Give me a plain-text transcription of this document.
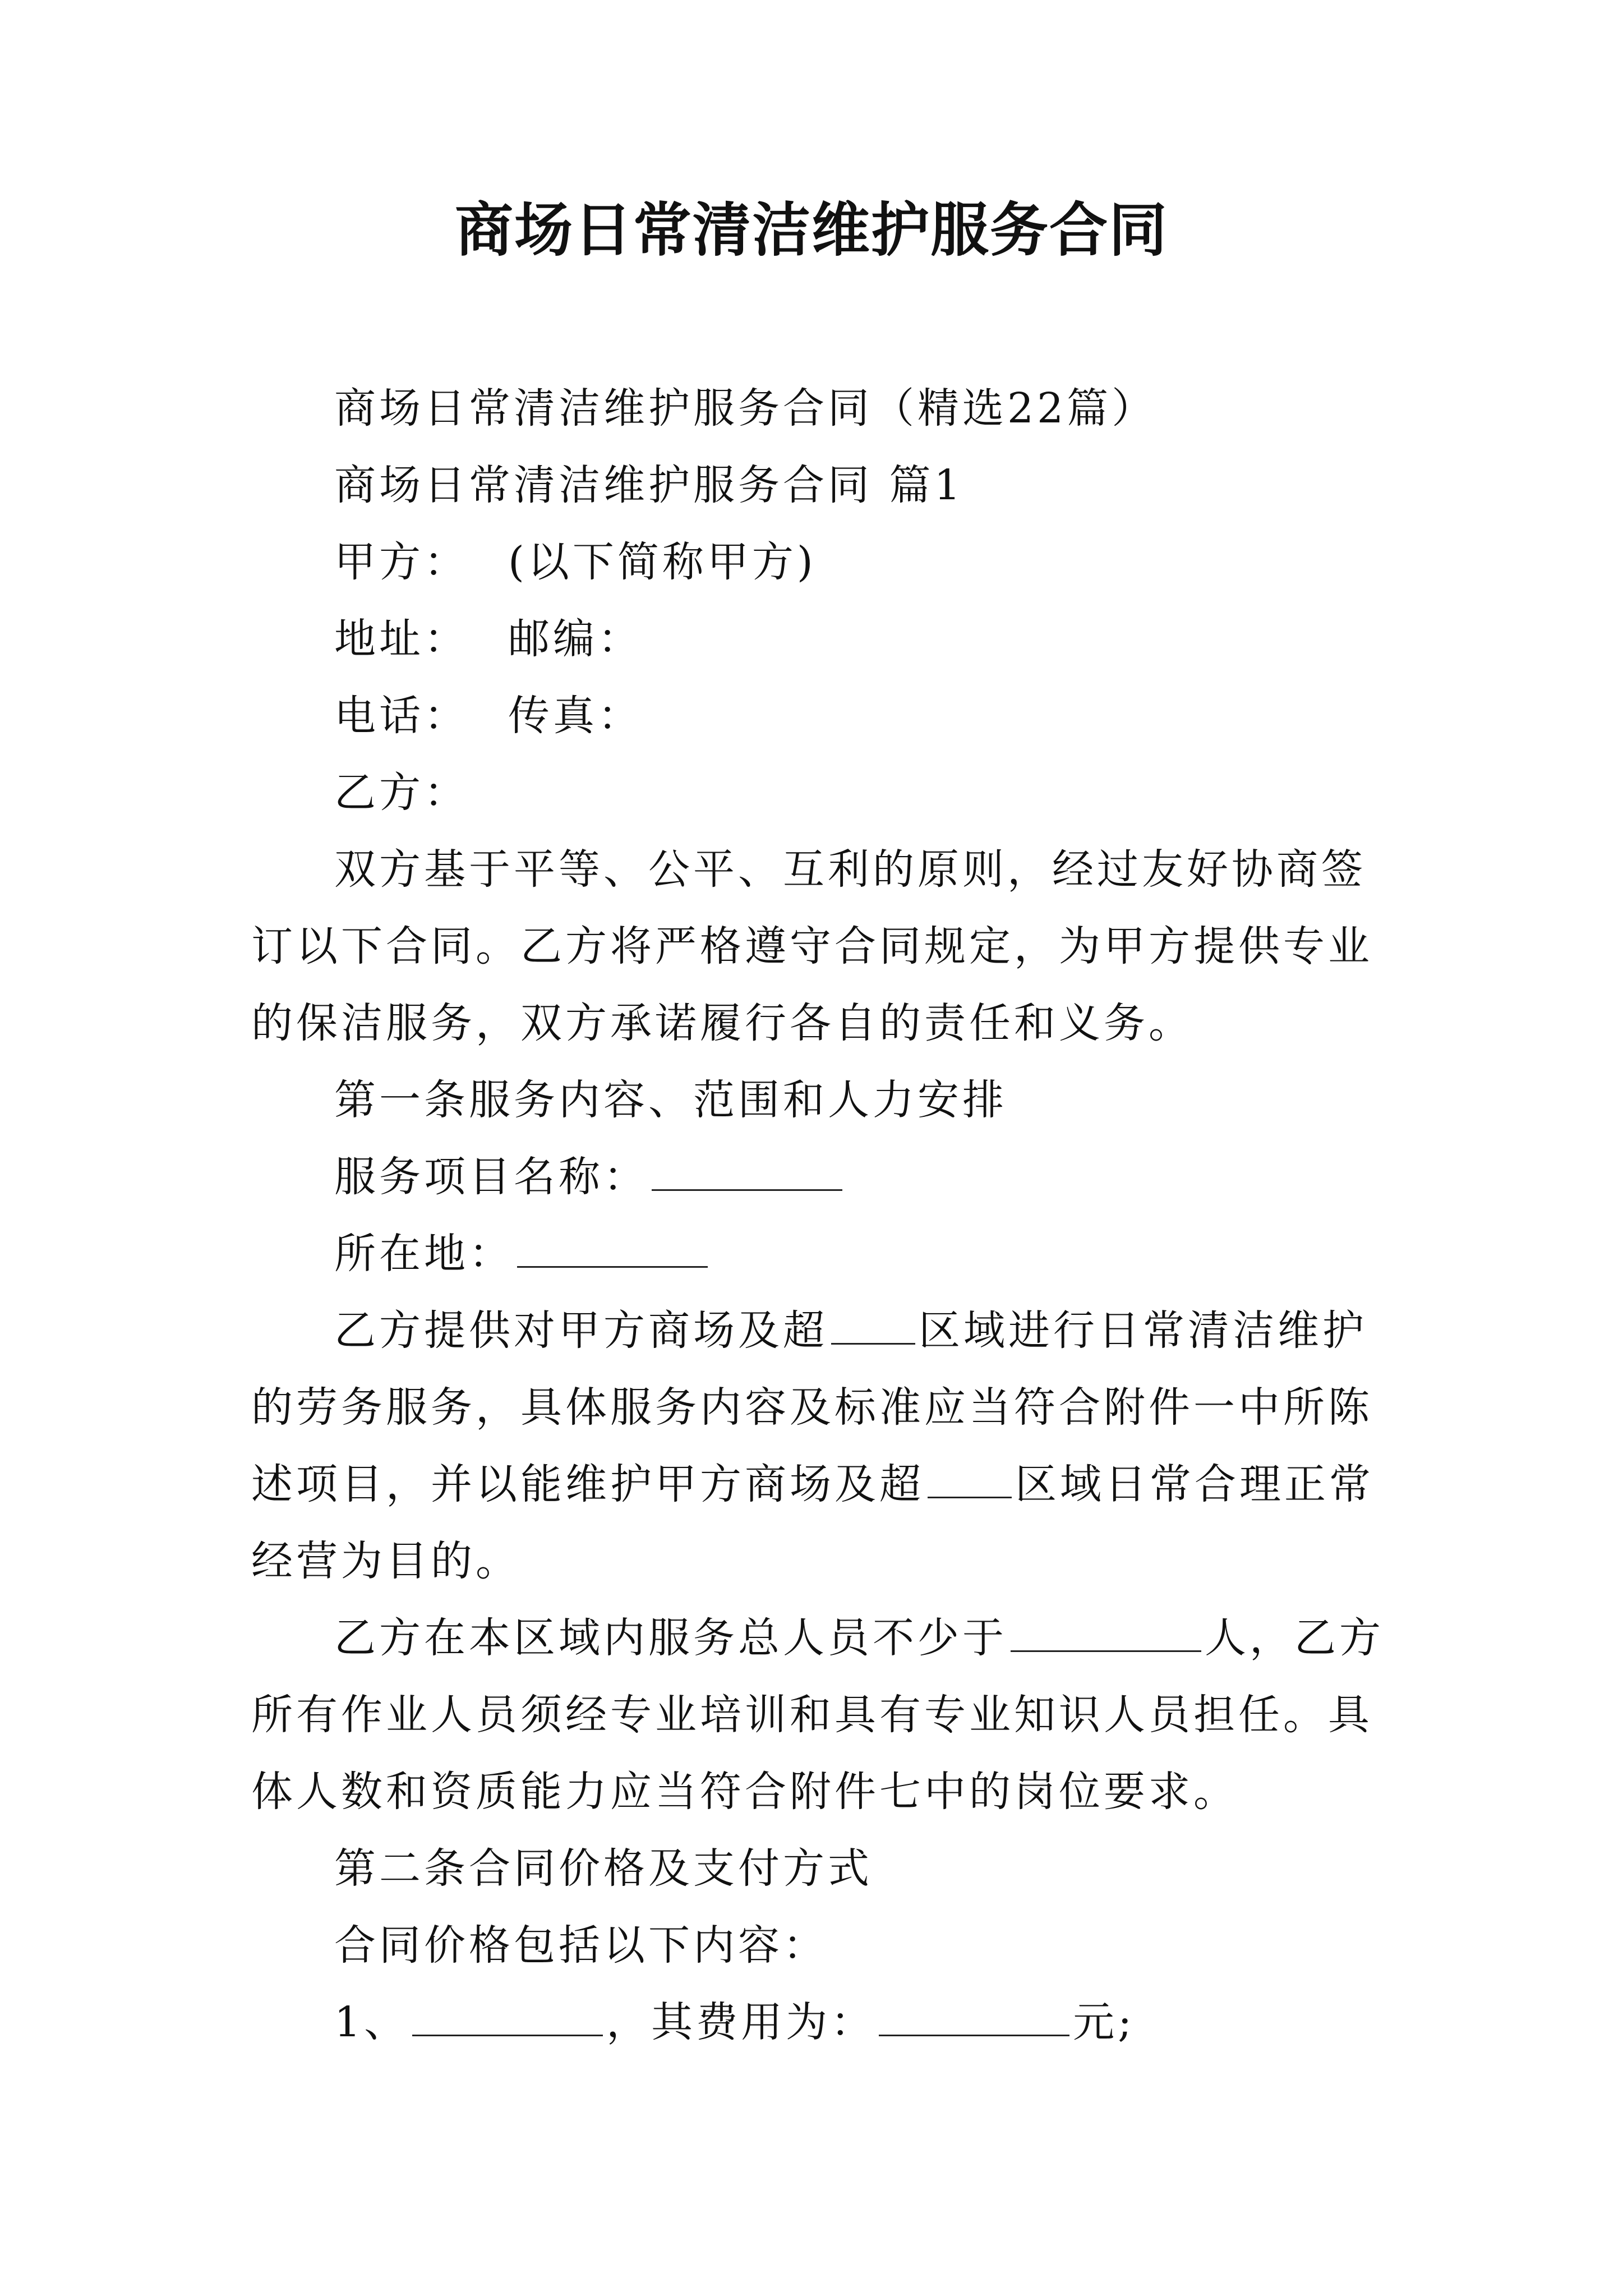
商场日常清洁维护服务合同

商场日常清洁维护服务合同（精选22篇）

商场日常清洁维护服务合同 篇1

甲方： (以下简称甲方)

地址： 邮编：

电话： 传真：

乙方：

双方基于平等、公平、互利的原则，经过友好协商签订以下合同。乙方将严格遵守合同规定，为甲方提供专业的保洁服务，双方承诺履行各自的责任和义务。

第一条服务内容、范围和人力安排

服务项目名称：

所在地：

乙方提供对甲方商场及超 区域进行日常清洁维护的劳务服务，具体服务内容及标准应当符合附件一中所陈述项目，并以能维护甲方商场及超 区域日常合理正常经营为目的。

乙方在本区域内服务总人员不少于	人，乙方所有作业人员须经专业培训和具有专业知识人员担任。具体人数和资质能力应当符合附件七中的岗位要求。

第二条合同价格及支付方式

合同价格包括以下内容：

1、	，其费用为：	元;
